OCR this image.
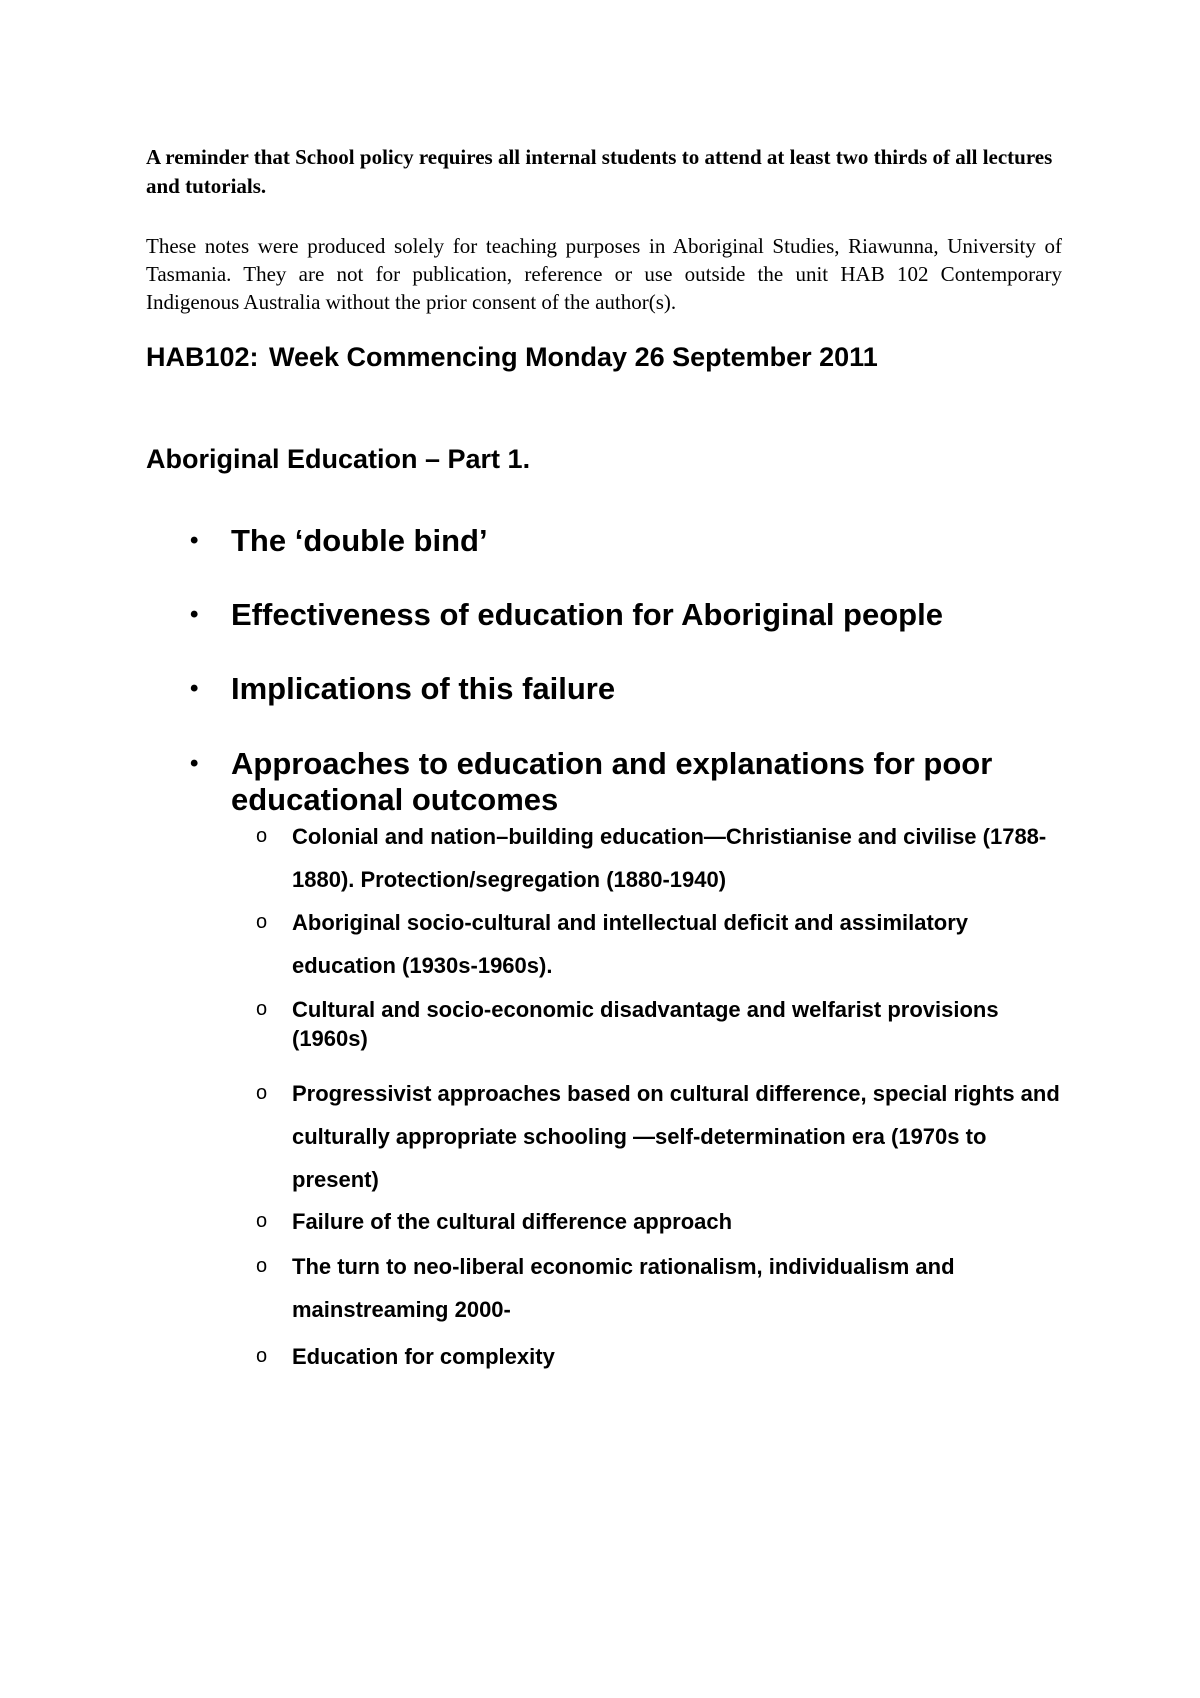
A reminder that School policy requires all internal students to attend at least two thirds of all lectures and tutorials.
These notes were produced solely for teaching purposes in Aboriginal Studies, Riawunna, University of Tasmania. They are not for publication, reference or use outside the unit HAB 102 Contemporary Indigenous Australia without the prior consent of the author(s).
HAB102: Week Commencing Monday 26 September 2011
Aboriginal Education – Part 1.
• The ‘double bind’
• Effectiveness of education for Aboriginal people
• Implications of this failure
• Approaches to education and explanations for poor educational outcomes
o Colonial and nation–building education—Christianise and civilise (1788-1880). Protection/segregation (1880-1940)
o Aboriginal socio-cultural and intellectual deficit and assimilatory education (1930s-1960s).
o Cultural and socio-economic disadvantage and welfarist provisions (1960s)
o Progressivist approaches based on cultural difference, special rights and culturally appropriate schooling —self-determination era (1970s to present)
o Failure of the cultural difference approach
o The turn to neo-liberal economic rationalism, individualism and mainstreaming 2000-
o Education for complexity
